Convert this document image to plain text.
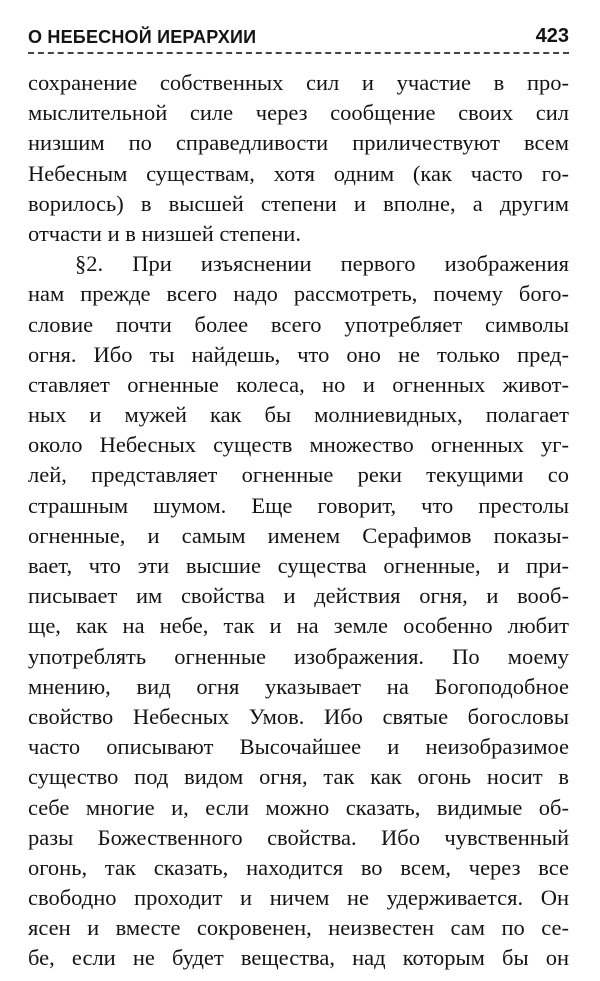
О НЕБЕСНОЙ ИЕРАРХИИ	423
сохранение собственных сил и участие в про-
мыслительной силе через сообщение своих сил
низшим по справедливости приличествуют всем
Небесным существам, хотя одним (как часто го-
ворилось) в высшей степени и вполне, а другим
отчасти и в низшей степени.
§2. При изъяснении первого изображения
нам прежде всего надо рассмотреть, почему бого-
словие почти более всего употребляет символы
огня. Ибо ты найдешь, что оно не только пред-
ставляет огненные колеса, но и огненных живот-
ных и мужей как бы молниевидных, полагает
около Небесных существ множество огненных уг-
лей, представляет огненные реки текущими со
страшным шумом. Еще говорит, что престолы
огненные, и самым именем Серафимов показы-
вает, что эти высшие существа огненные, и при-
писывает им свойства и действия огня, и вооб-
ще, как на небе, так и на земле особенно любит
употреблять огненные изображения. По моему
мнению, вид огня указывает на Богоподобное
свойство Небесных Умов. Ибо святые богословы
часто описывают Высочайшее и неизобразимое
существо под видом огня, так как огонь носит в
себе многие и, если можно сказать, видимые об-
разы Божественного свойства. Ибо чувственный
огонь, так сказать, находится во всем, через все
свободно проходит и ничем не удерживается. Он
ясен и вместе сокровенен, неизвестен сам по се-
бе, если не будет вещества, над которым бы он
